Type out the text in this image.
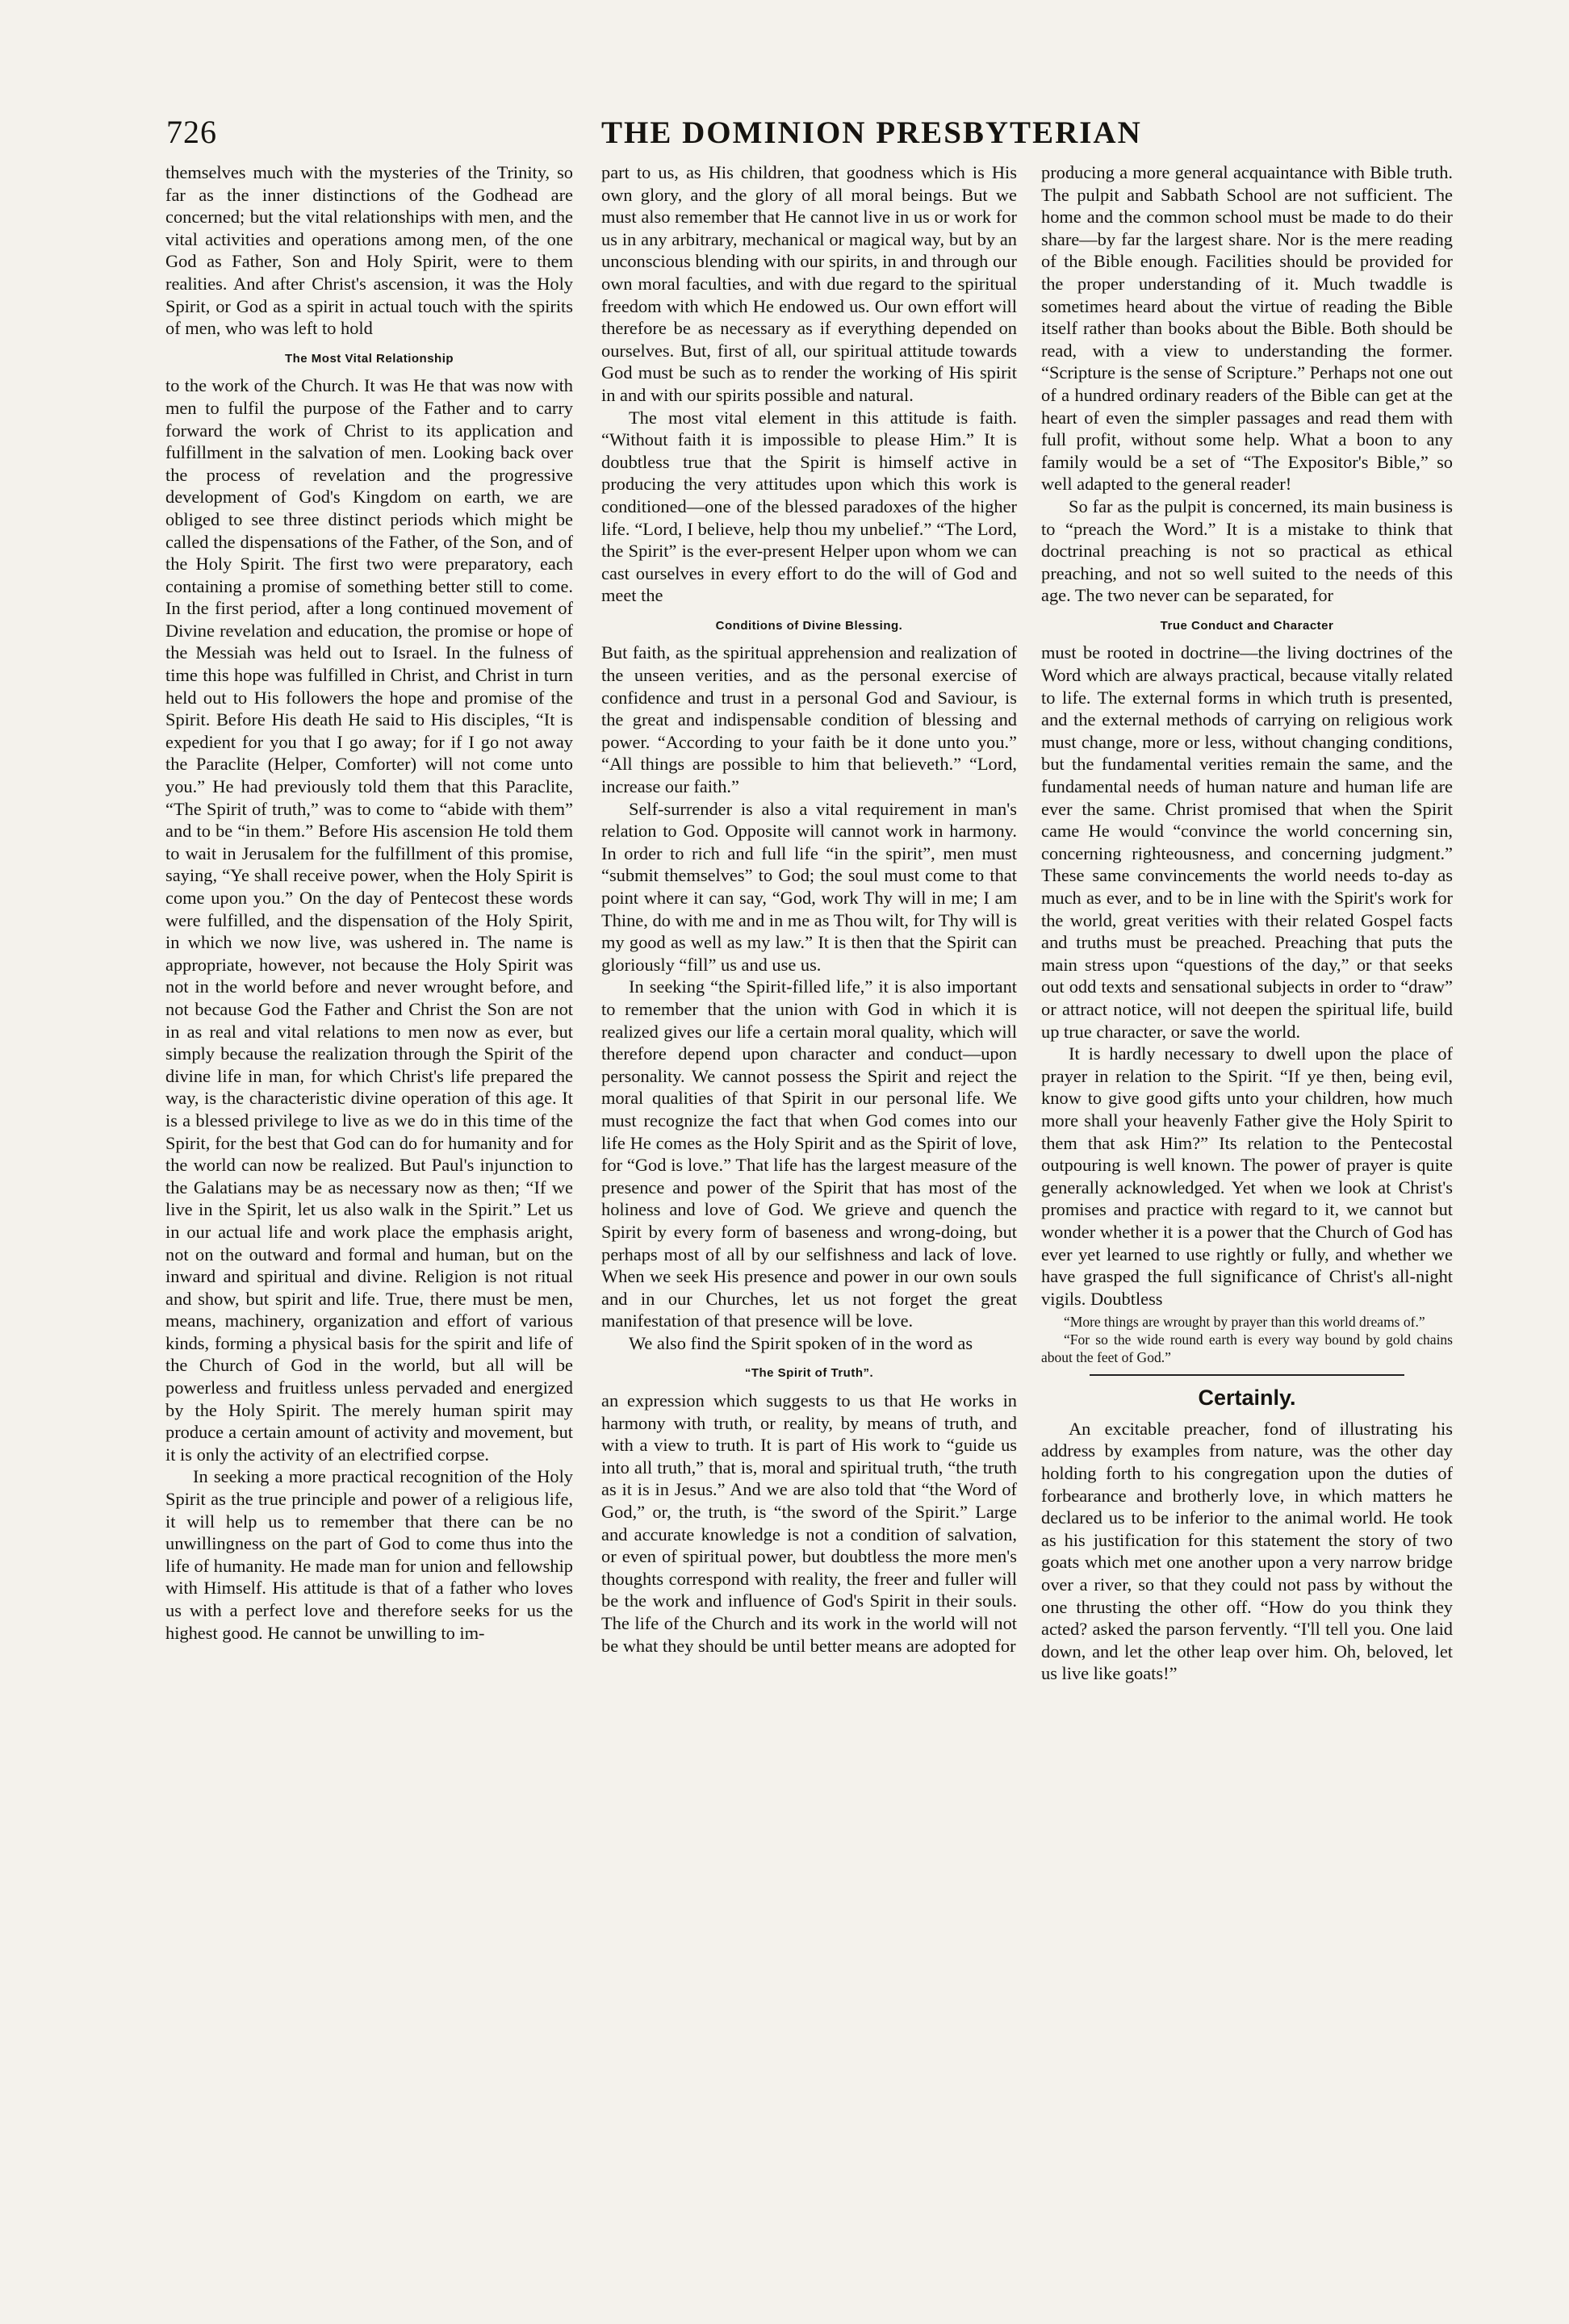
726	THE DOMINION PRESBYTERIAN

themselves much with the mysteries of the Trinity, so far as the inner distinctions of the Godhead are concerned; but the vital relationships with men, and the vital activities and operations among men, of the one God as Father, Son and Holy Spirit, were to them realities. And after Christ's ascension, it was the Holy Spirit, or God as a spirit in actual touch with the spirits of men, who was left to hold

The Most Vital Relationship

to the work of the Church. It was He that was now with men to fulfil the purpose of the Father and to carry forward the work of Christ to its application and fulfillment in the salvation of men. Looking back over the process of revelation and the progressive development of God's Kingdom on earth, we are obliged to see three distinct periods which might be called the dispensations of the Father, of the Son, and of the Holy Spirit. The first two were preparatory, each containing a promise of something better still to come. In the first period, after a long continued movement of Divine revelation and education, the promise or hope of the Messiah was held out to Israel. In the fulness of time this hope was fulfilled in Christ, and Christ in turn held out to His followers the hope and promise of the Spirit. Before His death He said to His disciples, “It is expedient for you that I go away; for if I go not away the Paraclite (Helper, Comforter) will not come unto you.” He had previously told them that this Paraclite, “The Spirit of truth,” was to come to “abide with them” and to be “in them.” Before His ascension He told them to wait in Jerusalem for the fulfillment of this promise, saying, “Ye shall receive power, when the Holy Spirit is come upon you.” On the day of Pentecost these words were fulfilled, and the dispensation of the Holy Spirit, in which we now live, was ushered in. The name is appropriate, however, not because the Holy Spirit was not in the world before and never wrought before, and not because God the Father and Christ the Son are not in as real and vital relations to men now as ever, but simply because the realization through the Spirit of the divine life in man, for which Christ's life prepared the way, is the characteristic divine operation of this age. It is a blessed privilege to live as we do in this time of the Spirit, for the best that God can do for humanity and for the world can now be realized. But Paul's injunction to the Galatians may be as necessary now as then; “If we live in the Spirit, let us also walk in the Spirit.” Let us in our actual life and work place the emphasis aright, not on the outward and formal and human, but on the inward and spiritual and divine. Religion is not ritual and show, but spirit and life. True, there must be men, means, machinery, organization and effort of various kinds, forming a physical basis for the spirit and life of the Church of God in the world, but all will be powerless and fruitless unless pervaded and energized by the Holy Spirit. The merely human spirit may produce a certain amount of activity and movement, but it is only the activity of an electrified corpse.

In seeking a more practical recognition of the Holy Spirit as the true principle and power of a religious life, it will help us to remember that there can be no unwillingness on the part of God to come thus into the life of humanity. He made man for union and fellowship with Himself. His attitude is that of a father who loves us with a perfect love and therefore seeks for us the highest good. He cannot be unwilling to im-

part to us, as His children, that goodness which is His own glory, and the glory of all moral beings. But we must also remember that He cannot live in us or work for us in any arbitrary, mechanical or magical way, but by an unconscious blending with our spirits, in and through our own moral faculties, and with due regard to the spiritual freedom with which He endowed us. Our own effort will therefore be as necessary as if everything depended on ourselves. But, first of all, our spiritual attitude towards God must be such as to render the working of His spirit in and with our spirits possible and natural.

The most vital element in this attitude is faith. “Without faith it is impossible to please Him.” It is doubtless true that the Spirit is himself active in producing the very attitudes upon which this work is conditioned—one of the blessed paradoxes of the higher life. “Lord, I believe, help thou my unbelief.” “The Lord, the Spirit” is the ever-present Helper upon whom we can cast ourselves in every effort to do the will of God and meet the

Conditions of Divine Blessing.

But faith, as the spiritual apprehension and realization of the unseen verities, and as the personal exercise of confidence and trust in a personal God and Saviour, is the great and indispensable condition of blessing and power. “According to your faith be it done unto you.” “All things are possible to him that believeth.” “Lord, increase our faith.”

Self-surrender is also a vital requirement in man's relation to God. Opposite will cannot work in harmony. In order to rich and full life “in the spirit”, men must “submit themselves” to God; the soul must come to that point where it can say, “God, work Thy will in me; I am Thine, do with me and in me as Thou wilt, for Thy will is my good as well as my law.” It is then that the Spirit can gloriously “fill” us and use us.

In seeking “the Spirit-filled life,” it is also important to remember that the union with God in which it is realized gives our life a certain moral quality, which will therefore depend upon character and conduct—upon personality. We cannot possess the Spirit and reject the moral qualities of that Spirit in our personal life. We must recognize the fact that when God comes into our life He comes as the Holy Spirit and as the Spirit of love, for “God is love.” That life has the largest measure of the presence and power of the Spirit that has most of the holiness and love of God. We grieve and quench the Spirit by every form of baseness and wrong-doing, but perhaps most of all by our selfishness and lack of love. When we seek His presence and power in our own souls and in our Churches, let us not forget the great manifestation of that presence will be love.

We also find the Spirit spoken of in the word as

“The Spirit of Truth”.

an expression which suggests to us that He works in harmony with truth, or reality, by means of truth, and with a view to truth. It is part of His work to “guide us into all truth,” that is, moral and spiritual truth, “the truth as it is in Jesus.” And we are also told that “the Word of God,” or, the truth, is “the sword of the Spirit.” Large and accurate knowledge is not a condition of salvation, or even of spiritual power, but doubtless the more men's thoughts correspond with reality, the freer and fuller will be the work and influence of God's Spirit in their souls. The life of the Church and its work in the world will not be what they should be until better means are adopted for

producing a more general acquaintance with Bible truth. The pulpit and Sabbath School are not sufficient. The home and the common school must be made to do their share—by far the largest share. Nor is the mere reading of the Bible enough. Facilities should be provided for the proper understanding of it. Much twaddle is sometimes heard about the virtue of reading the Bible itself rather than books about the Bible. Both should be read, with a view to understanding the former. “Scripture is the sense of Scripture.” Perhaps not one out of a hundred ordinary readers of the Bible can get at the heart of even the simpler passages and read them with full profit, without some help. What a boon to any family would be a set of “The Expositor's Bible,” so well adapted to the general reader!

So far as the pulpit is concerned, its main business is to “preach the Word.” It is a mistake to think that doctrinal preaching is not so practical as ethical preaching, and not so well suited to the needs of this age. The two never can be separated, for

True Conduct and Character

must be rooted in doctrine—the living doctrines of the Word which are always practical, because vitally related to life. The external forms in which truth is presented, and the external methods of carrying on religious work must change, more or less, without changing conditions, but the fundamental verities remain the same, and the fundamental needs of human nature and human life are ever the same. Christ promised that when the Spirit came He would “convince the world concerning sin, concerning righteousness, and concerning judgment.” These same convincements the world needs to-day as much as ever, and to be in line with the Spirit's work for the world, great verities with their related Gospel facts and truths must be preached. Preaching that puts the main stress upon “questions of the day,” or that seeks out odd texts and sensational subjects in order to “draw” or attract notice, will not deepen the spiritual life, build up true character, or save the world.

It is hardly necessary to dwell upon the place of prayer in relation to the Spirit. “If ye then, being evil, know to give good gifts unto your children, how much more shall your heavenly Father give the Holy Spirit to them that ask Him?” Its relation to the Pentecostal outpouring is well known. The power of prayer is quite generally acknowledged. Yet when we look at Christ's promises and practice with regard to it, we cannot but wonder whether it is a power that the Church of God has ever yet learned to use rightly or fully, and whether we have grasped the full significance of Christ's all-night vigils. Doubtless

“More things are wrought by prayer than this world dreams of.”
“For so the wide round earth is every way bound by gold chains about the feet of God.”
Certainly.

An excitable preacher, fond of illustrating his address by examples from nature, was the other day holding forth to his congregation upon the duties of forbearance and brotherly love, in which matters he declared us to be inferior to the animal world. He took as his justification for this statement the story of two goats which met one another upon a very narrow bridge over a river, so that they could not pass by without the one thrusting the other off. “How do you think they acted? asked the parson fervently. “I'll tell you. One laid down, and let the other leap over him. Oh, beloved, let us live like goats!”
